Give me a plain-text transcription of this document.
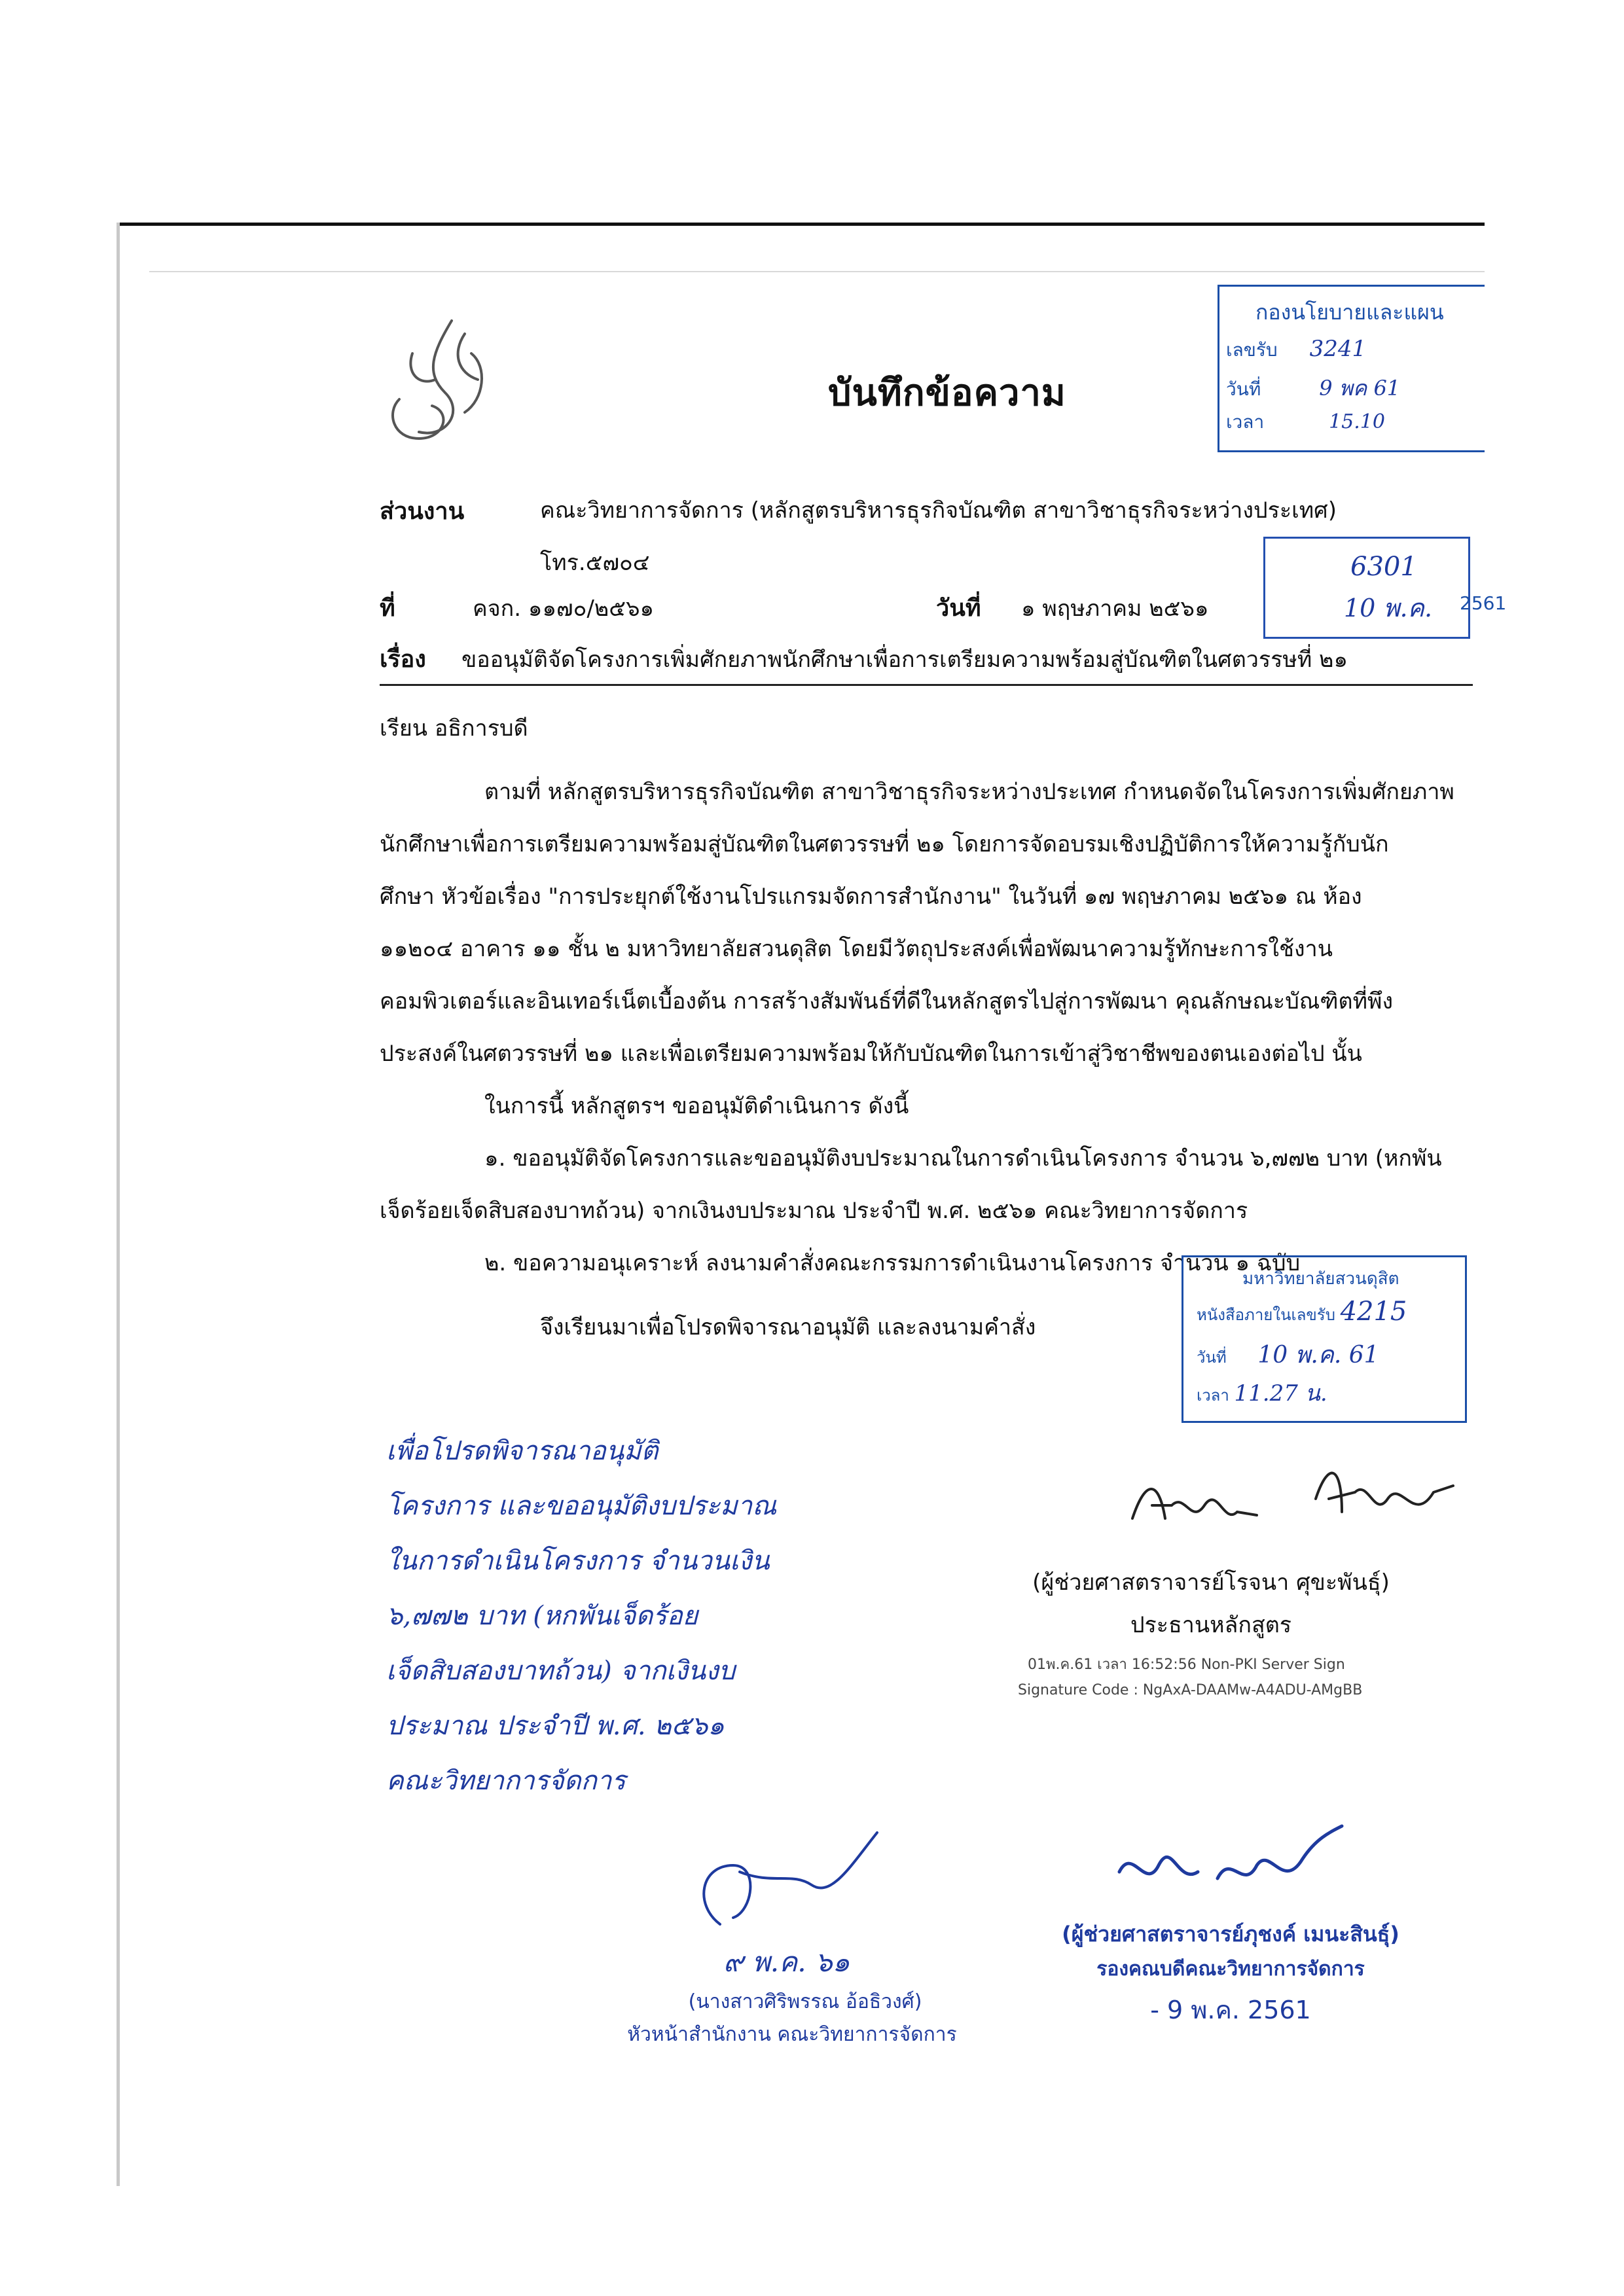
บันทึกข้อความ
กองนโยบายและแผน
เลขรับ 3241
วันที่	9 พค 61
เวลา	15.10
ส่วนงาน	คณะวิทยาการจัดการ (หลักสูตรบริหารธุรกิจบัณฑิต สาขาวิชาธุรกิจระหว่างประเทศ)
โทร.๕๗๐๔
ที่	คจก. ๑๑๗๐/๒๕๖๑	วันที่ ๑ พฤษภาคม ๒๕๖๑
6301
10 พ.ค. 2561
เรื่อง ขออนุมัติจัดโครงการเพิ่มศักยภาพนักศึกษาเพื่อการเตรียมความพร้อมสู่บัณฑิตในศตวรรษที่ ๒๑
เรียน อธิการบดี
ตามที่ หลักสูตรบริหารธุรกิจบัณฑิต สาขาวิชาธุรกิจระหว่างประเทศ กำหนดจัดในโครงการเพิ่มศักยภาพ
นักศึกษาเพื่อการเตรียมความพร้อมสู่บัณฑิตในศตวรรษที่ ๒๑ โดยการจัดอบรมเชิงปฏิบัติการให้ความรู้กับนัก
ศึกษา หัวข้อเรื่อง "การประยุกต์ใช้งานโปรแกรมจัดการสำนักงาน" ในวันที่ ๑๗ พฤษภาคม ๒๕๖๑ ณ ห้อง
๑๑๒๐๔ อาคาร ๑๑ ชั้น ๒ มหาวิทยาลัยสวนดุสิต โดยมีวัตถุประสงค์เพื่อพัฒนาความรู้ทักษะการใช้งาน
คอมพิวเตอร์และอินเทอร์เน็ตเบื้องต้น การสร้างสัมพันธ์ที่ดีในหลักสูตรไปสู่การพัฒนา คุณลักษณะบัณฑิตที่พึง
ประสงค์ในศตวรรษที่ ๒๑ และเพื่อเตรียมความพร้อมให้กับบัณฑิตในการเข้าสู่วิชาชีพของตนเองต่อไป นั้น
ในการนี้ หลักสูตรฯ ขออนุมัติดำเนินการ ดังนี้
๑. ขออนุมัติจัดโครงการและขออนุมัติงบประมาณในการดำเนินโครงการ จำนวน ๖,๗๗๒ บาท (หกพัน
เจ็ดร้อยเจ็ดสิบสองบาทถ้วน) จากเงินงบประมาณ ประจำปี พ.ศ. ๒๕๖๑ คณะวิทยาการจัดการ
๒. ขอความอนุเคราะห์ ลงนามคำสั่งคณะกรรมการดำเนินงานโครงการ จำนวน ๑ ฉบับ
จึงเรียนมาเพื่อโปรดพิจารณาอนุมัติ และลงนามคำสั่ง
มหาวิทยาลัยสวนดุสิต
หนังสือภายในเลขรับ 4215
วันที่ 10 พ.ค. 61
เวลา 11.27 น.
เพื่อโปรดพิจารณาอนุมัติ
โครงการ และขออนุมัติงบประมาณ
ในการดำเนินโครงการ จำนวนเงิน
๖,๗๗๒ บาท (หกพันเจ็ดร้อย
เจ็ดสิบสองบาทถ้วน) จากเงินงบ
ประมาณ ประจำปี พ.ศ. ๒๕๖๑
คณะวิทยาการจัดการ
(ผู้ช่วยศาสตราจารย์โรจนา ศุขะพันธุ์)
ประธานหลักสูตร
01พ.ค.61 เวลา 16:52:56 Non-PKI Server Sign
Signature Code : NgAxA-DAAMw-A4ADU-AMgBB
๙ พ.ค. ๖๑
(นางสาวศิริพรรณ อ้อธิวงศ์)
หัวหน้าสำนักงาน คณะวิทยาการจัดการ
(ผู้ช่วยศาสตราจารย์ภุชงค์ เมนะสินธุ์)
รองคณบดีคณะวิทยาการจัดการ
- 9 พ.ค. 2561
